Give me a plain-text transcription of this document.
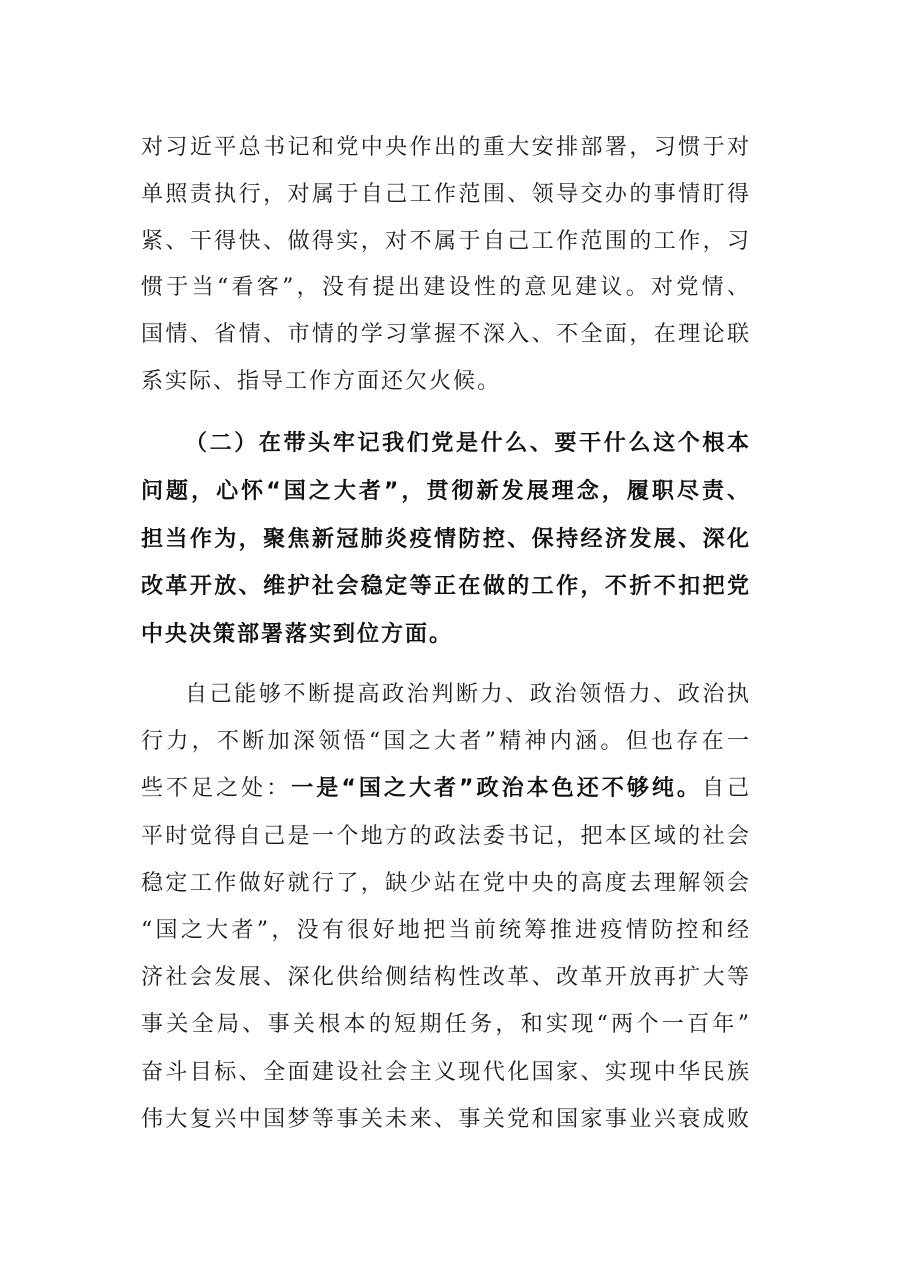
对习近平总书记和党中央作出的重大安排部署，习惯于对
单照责执行，对属于自己工作范围、领导交办的事情盯得
紧、干得快、做得实，对不属于自己工作范围的工作，习
惯于当“看客”，没有提出建设性的意见建议。对党情、
国情、省情、市情的学习掌握不深入、不全面，在理论联
系实际、指导工作方面还欠火候。
（二）在带头牢记我们党是什么、要干什么这个根本
问题，心怀“国之大者”，贯彻新发展理念，履职尽责、
担当作为，聚焦新冠肺炎疫情防控、保持经济发展、深化
改革开放、维护社会稳定等正在做的工作，不折不扣把党
中央决策部署落实到位方面。
自己能够不断提高政治判断力、政治领悟力、政治执
行力，不断加深领悟“国之大者”精神内涵。但也存在一
些不足之处：一是“国之大者”政治本色还不够纯。自己
平时觉得自己是一个地方的政法委书记，把本区域的社会
稳定工作做好就行了，缺少站在党中央的高度去理解领会
“国之大者”，没有很好地把当前统筹推进疫情防控和经
济社会发展、深化供给侧结构性改革、改革开放再扩大等
事关全局、事关根本的短期任务，和实现“两个一百年”
奋斗目标、全面建设社会主义现代化国家、实现中华民族
伟大复兴中国梦等事关未来、事关党和国家事业兴衰成败
